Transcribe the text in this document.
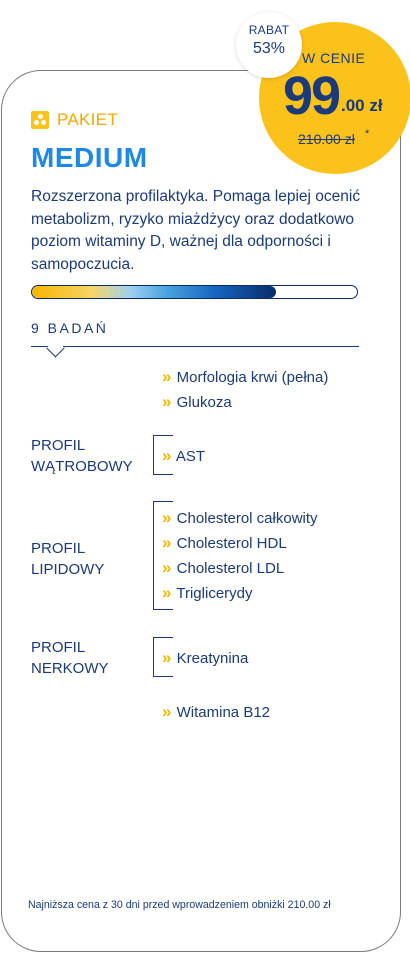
RABAT
53%
W CENIE
99 .00 zł
210.00 zł *
PAKIET
MEDIUM
Rozszerzona profilaktyka. Pomaga lepiej ocenić metabolizm, ryzyko miażdżycy oraz dodatkowo poziom witaminy D, ważnej dla odporności i samopoczucia.
9 BADAŃ
» Morfologia krwi (pełna)
» Glukoza
PROFIL
WĄTROBOWY
» AST
PROFIL
LIPIDOWY
» Cholesterol całkowity
» Cholesterol HDL
» Cholesterol LDL
» Triglicerydy
PROFIL
NERKOWY
» Kreatynina
» Witamina B12
Najniższa cena z 30 dni przed wprowadzeniem obniżki 210.00 zł
